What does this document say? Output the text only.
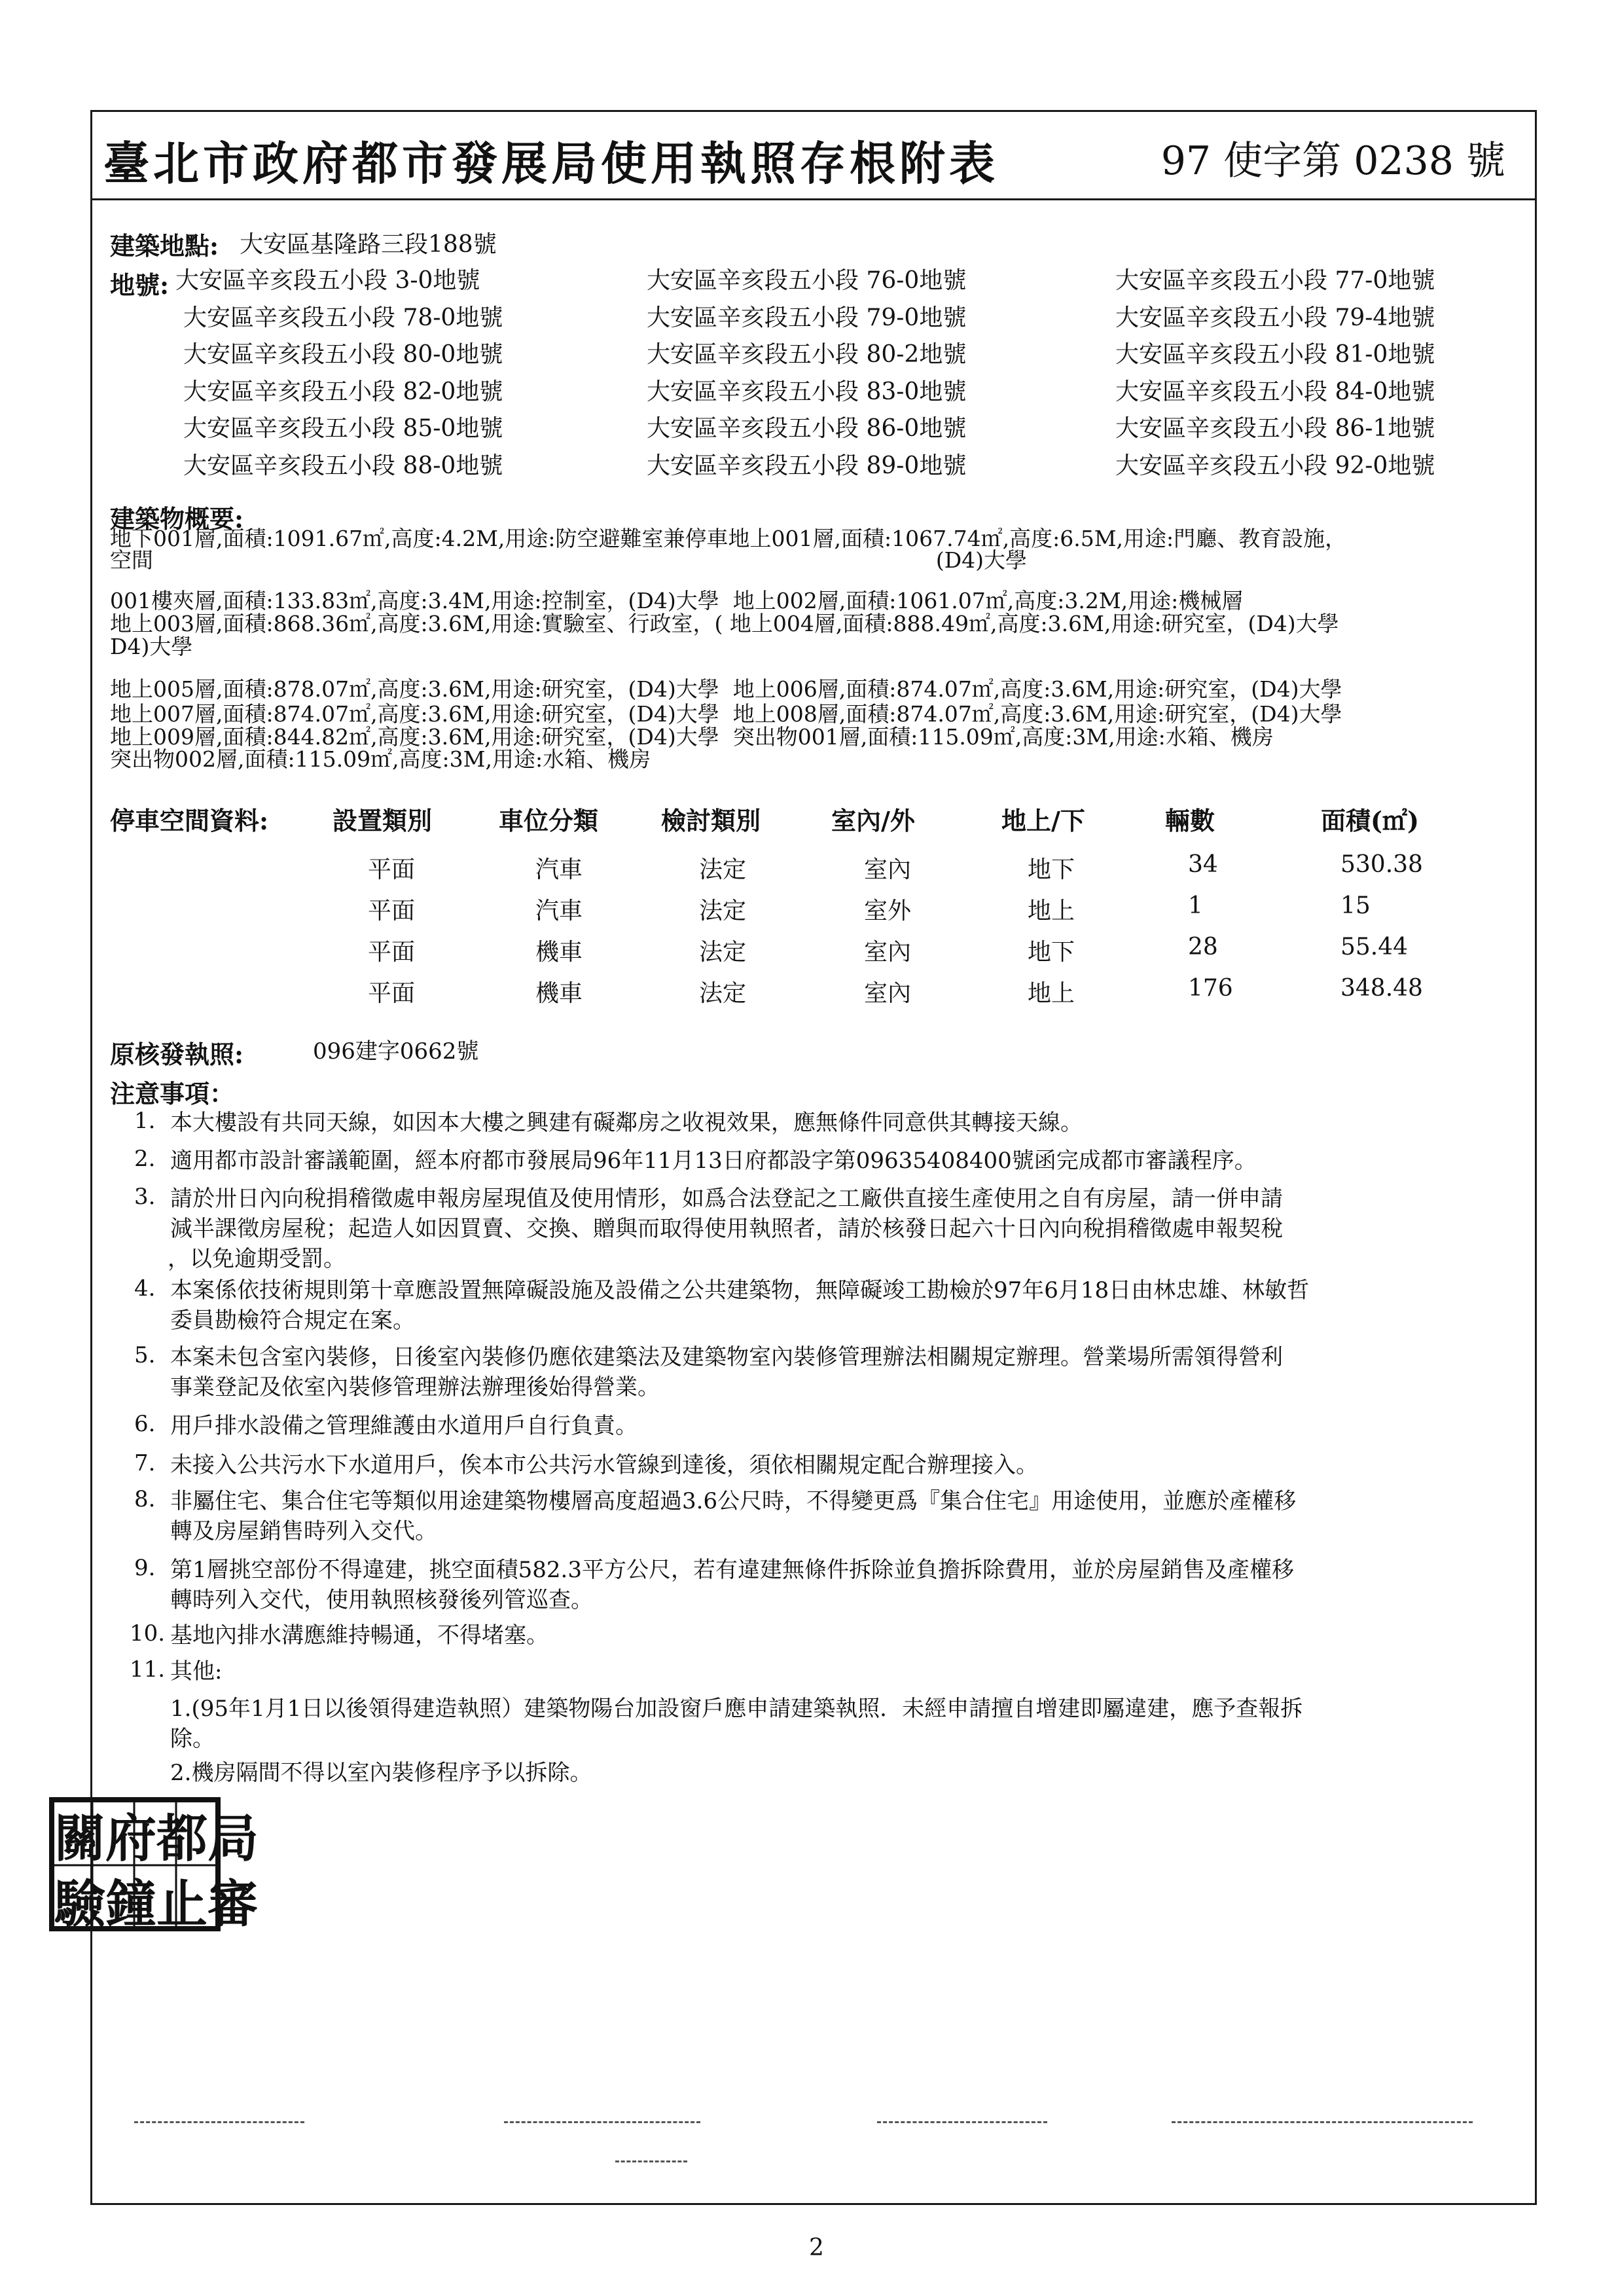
臺北市政府都市發展局使用執照存根附表	97 使字第 0238 號
建築地點: 大安區基隆路三段188號
地號: 大安區辛亥段五小段 3-0地號	大安區辛亥段五小段 76-0地號	大安區辛亥段五小段 77-0地號
大安區辛亥段五小段 78-0地號	大安區辛亥段五小段 79-0地號	大安區辛亥段五小段 79-4地號
大安區辛亥段五小段 80-0地號	大安區辛亥段五小段 80-2地號	大安區辛亥段五小段 81-0地號
大安區辛亥段五小段 82-0地號	大安區辛亥段五小段 83-0地號	大安區辛亥段五小段 84-0地號
大安區辛亥段五小段 85-0地號	大安區辛亥段五小段 86-0地號	大安區辛亥段五小段 86-1地號
大安區辛亥段五小段 88-0地號	大安區辛亥段五小段 89-0地號	大安區辛亥段五小段 92-0地號
建築物概要:
地下001層,面積:1091.67㎡,高度:4.2M,用途:防空避難室兼停車地上001層,面積:1067.74㎡,高度:6.5M,用途:門廳、教育設施，
空間                                                                                                                  (D4)大學
001樓夾層,面積:133.83㎡,高度:3.4M,用途:控制室，(D4)大學  地上002層,面積:1061.07㎡,高度:3.2M,用途:機械層
地上003層,面積:868.36㎡,高度:3.6M,用途:實驗室、行政室，( 地上004層,面積:888.49㎡,高度:3.6M,用途:研究室，(D4)大學
D4)大學
地上005層,面積:878.07㎡,高度:3.6M,用途:研究室，(D4)大學  地上006層,面積:874.07㎡,高度:3.6M,用途:研究室，(D4)大學
地上007層,面積:874.07㎡,高度:3.6M,用途:研究室，(D4)大學  地上008層,面積:874.07㎡,高度:3.6M,用途:研究室，(D4)大學
地上009層,面積:844.82㎡,高度:3.6M,用途:研究室，(D4)大學  突出物001層,面積:115.09㎡,高度:3M,用途:水箱、機房
突出物002層,面積:115.09㎡,高度:3M,用途:水箱、機房
停車空間資料:	設置類別	車位分類	檢討類別	室內/外	地上/下	輛數	面積(㎡)
平面	汽車	法定	室內	地下	34	530.38
平面	汽車	法定	室外	地上	1	15
平面	機車	法定	室內	地下	28	55.44
平面	機車	法定	室內	地上	176	348.48
原核發執照:	096建字0662號
注意事項：
1. 本大樓設有共同天線，如因本大樓之興建有礙鄰房之收視效果，應無條件同意供其轉接天線。
2. 適用都市設計審議範圍，經本府都市發展局96年11月13日府都設字第09635408400號函完成都市審議程序。
3. 請於卅日內向稅捐稽徵處申報房屋現值及使用情形，如爲合法登記之工廠供直接生產使用之自有房屋，請一併申請
減半課徵房屋稅；起造人如因買賣、交換、贈與而取得使用執照者，請於核發日起六十日內向稅捐稽徵處申報契稅
，以免逾期受罰。
4. 本案係依技術規則第十章應設置無障礙設施及設備之公共建築物，無障礙竣工勘檢於97年6月18日由林忠雄、林敏哲
委員勘檢符合規定在案。
5. 本案未包含室內裝修，日後室內裝修仍應依建築法及建築物室內裝修管理辦法相關規定辦理。營業場所需領得營利
事業登記及依室內裝修管理辦法辦理後始得營業。
6. 用戶排水設備之管理維護由水道用戶自行負責。
7. 未接入公共污水下水道用戶，俟本市公共污水管線到達後，須依相關規定配合辦理接入。
8. 非屬住宅、集合住宅等類似用途建築物樓層高度超過3.6公尺時，不得變更爲『集合住宅』用途使用，並應於產權移
轉及房屋銷售時列入交代。
9. 第1層挑空部份不得違建，挑空面積582.3平方公尺，若有違建無條件拆除並負擔拆除費用，並於房屋銷售及產權移
轉時列入交代，使用執照核發後列管巡查。
10. 基地內排水溝應維持暢通，不得堵塞。
11. 其他:
1.(95年1月1日以後領得建造執照）建築物陽台加設窗戶應申請建築執照．未經申請擅自增建即屬違建，應予查報拆
除。
2.機房隔間不得以室內裝修程序予以拆除。
關府都局
驗鐘止審
2
